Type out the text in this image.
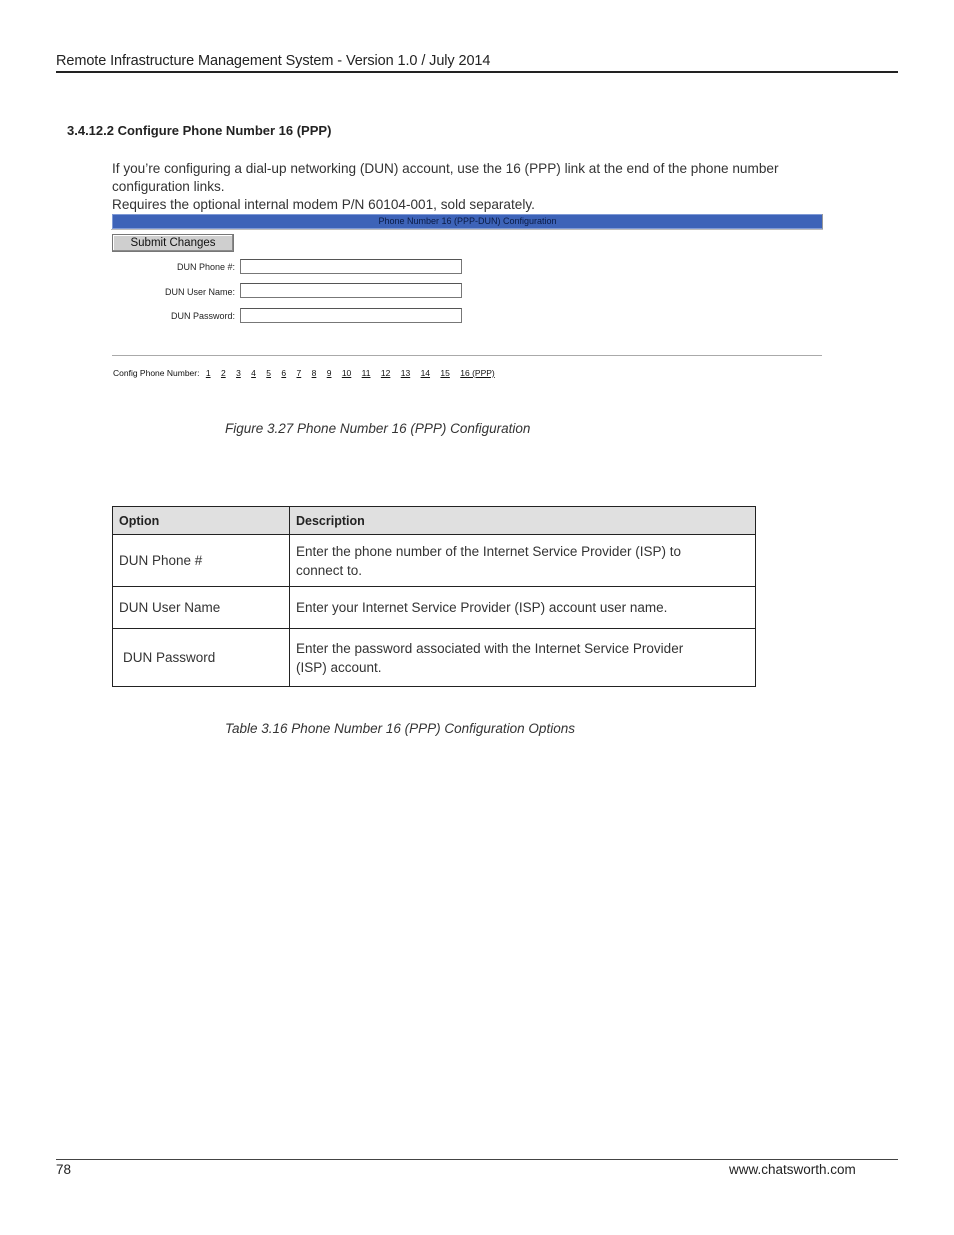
Remote Infrastructure Management System - Version 1.0 / July 2014
3.4.12.2 Configure Phone Number 16 (PPP)
If you’re configuring a dial-up networking (DUN) account, use the 16 (PPP) link at the end of the phone number configuration links.
Requires the optional internal modem P/N 60104-001, sold separately.
Phone Number 16 (PPP-DUN) Configuration
Submit Changes
DUN Phone #:
DUN User Name:
DUN Password:
Config Phone Number: 1 2 3 4 5 6 7 8 9 10 11 12 13 14 15 16 (PPP)
Figure 3.27 Phone Number 16 (PPP) Configuration
Option	Description
DUN Phone #	Enter the phone number of the Internet Service Provider (ISP) to
connect to.
DUN User Name	Enter your Internet Service Provider (ISP) account user name.
DUN Password	Enter the password associated with the Internet Service Provider
(ISP) account.
Table 3.16 Phone Number 16 (PPP) Configuration Options
78	www.chatsworth.com
